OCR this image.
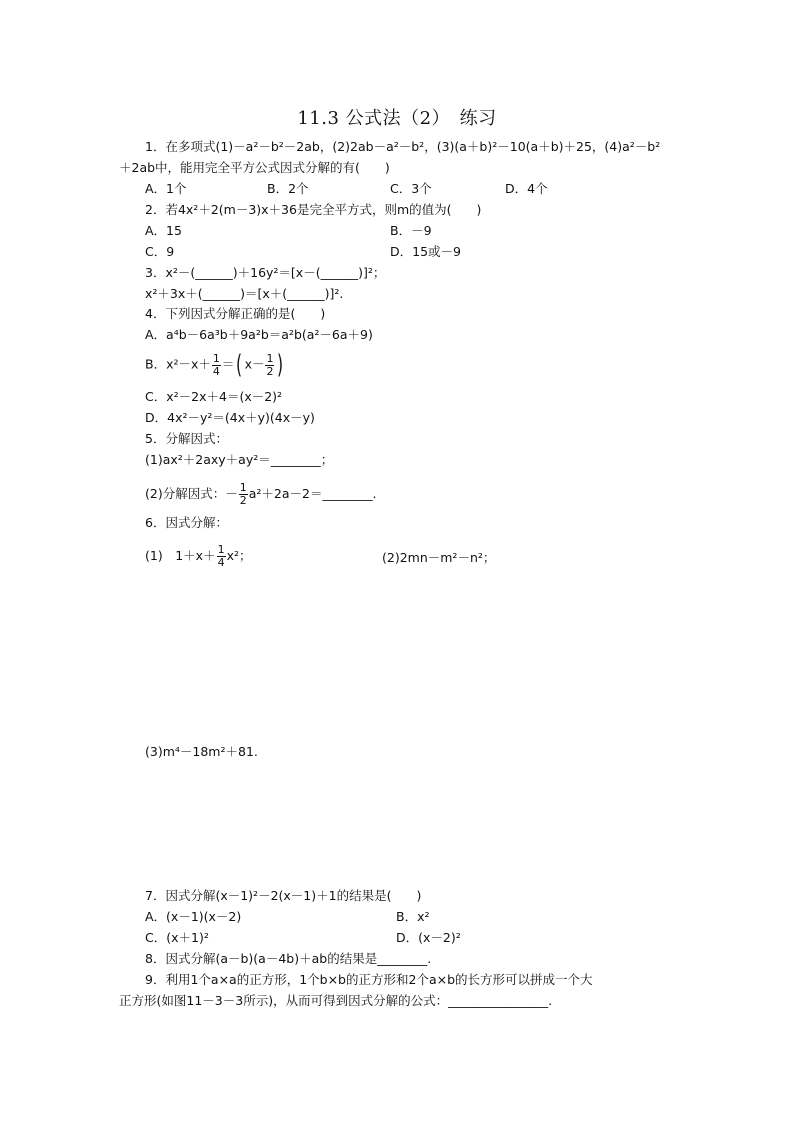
11.3 公式法（2）　练习
1．在多项式(1)－a²－b²－2ab，(2)2ab－a²－b²，(3)(a＋b)²－10(a＋b)＋25，(4)a²－b²
＋2ab中，能用完全平方公式因式分解的有(　　)
A．1个	B．2个	C．3个	D．4个
2．若4x²＋2(m－3)x＋36是完全平方式，则m的值为(　　)
A．15	B．－9
C．9	D．15或－9
3．x²－(______)＋16y²＝[x－(______)]²；
x²＋3x＋(______)＝[x＋(______)]².
4．下列因式分解正确的是(　　)
A．a⁴b－6a³b＋9a²b＝a²b(a²－6a＋9)
B．$x^2-x+ \frac{1}{4}$ ＝( $x- \frac{1}{2}$ )
C．x²－2x＋4＝(x－2)²
D．4x²－y²＝(4x＋y)(4x－y)
5．分解因式：
(1)ax²＋2axy＋ay²＝________；
(2)分解因式：－ $\frac{1}{2}$ a²＋2a－2＝________.
6．因式分解：
(1)　$1+x+ \frac{1}{4} x^2$；	(2)2mn－m²－n²；
(3)m⁴－18m²＋81.
7．因式分解(x－1)²－2(x－1)＋1的结果是(　　)
A．(x－1)(x－2)	B．x²
C．(x＋1)²	D．(x－2)²
8．因式分解(a－b)(a－4b)＋ab的结果是________.
9．利用1个a×a的正方形，1个b×b的正方形和2个a×b的长方形可以拼成一个大
正方形(如图11－3－3所示)，从而可得到因式分解的公式：________________.
